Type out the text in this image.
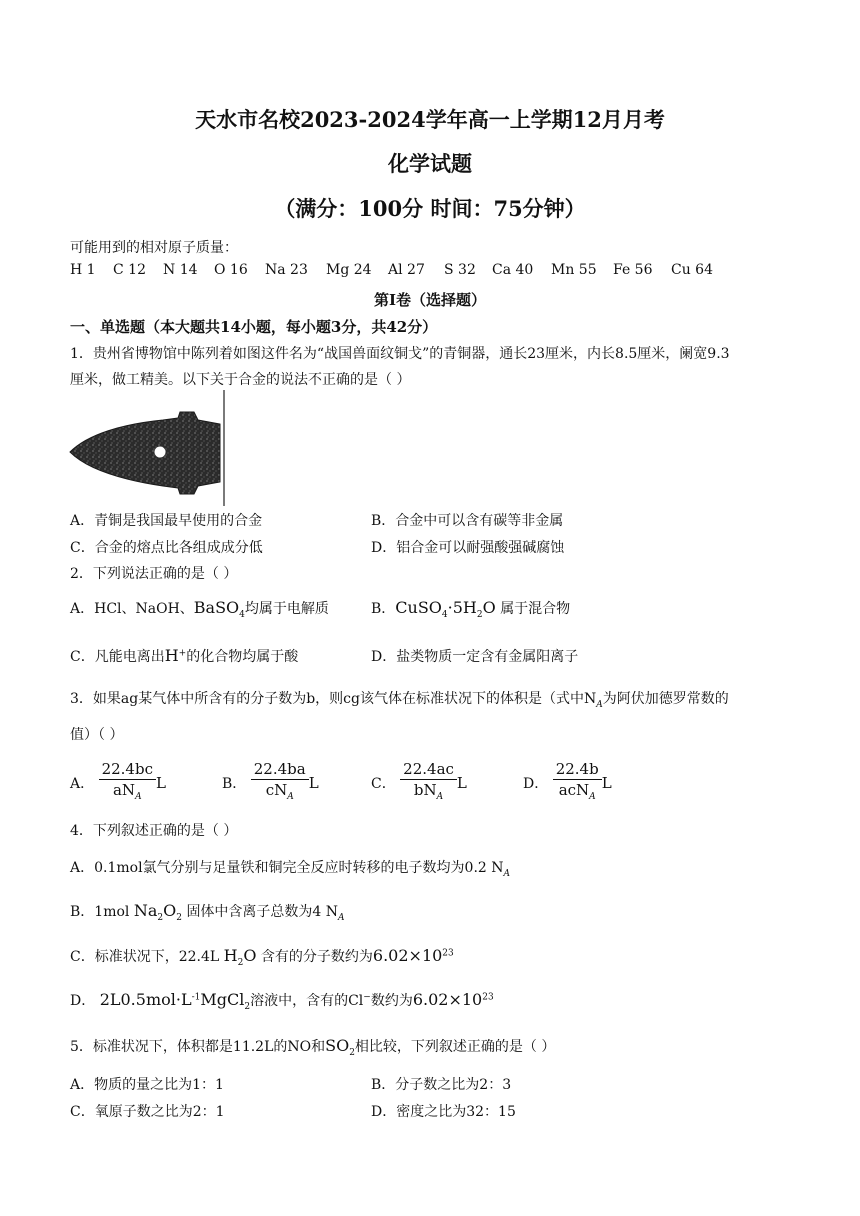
天水市名校2023-2024学年高一上学期12月月考
化学试题
（满分：100分 时间：75分钟）
可能用到的相对原子质量：
H 1 C 12 N 14 O 16 Na 23 Mg 24 Al 27 S 32 Ca 40 Mn 55 Fe 56 Cu 64
第Ⅰ卷（选择题）
一、单选题（本大题共14小题，每小题3分，共42分）
1．贵州省博物馆中陈列着如图这件名为“战国兽面纹铜戈”的青铜器，通长23厘米，内长8.5厘米，阑宽9.3
厘米，做工精美。以下关于合金的说法不正确的是（ ）
A．青铜是我国最早使用的合金	B．合金中可以含有碳等非金属
C．合金的熔点比各组成成分低	D．铝合金可以耐强酸强碱腐蚀
2．下列说法正确的是（ ）
A．HCl、NaOH、BaSO$_4$均属于电解质	B．$CuSO_4\cdot 5H_2O$ 属于混合物
C．凡能电离出H+的化合物均属于酸	D．盐类物质一定含有金属阳离子
3．如果ag某气体中所含有的分子数为b，则cg该气体在标准状况下的体积是（式中$N_A$为阿伏加德罗常数的
值）（ ）
A． $\frac{22.4bc}{aN_A}$ L	B． $\frac{22.4ba}{cN_A}$ L	C． $\frac{22.4ac}{bN_A}$ L	D． $\frac{22.4b}{acN_A}$ L
4．下列叙述正确的是（ ）
A．0.1mol氯气分别与足量铁和铜完全反应时转移的电子数均为0.2 $N_A$
B．1mol $Na_2O_2$ 固体中含离子总数为4 $N_A$
C．标准状况下，22.4L $H_2O$ 含有的分子数约为$6.02\times 10^{23}$
D． $2L0.5mol\cdot L^{-1}MgCl_2$溶液中，含有的Cl−数约为$6.02\times 10^{23}$
5．标准状况下，体积都是11.2L的NO和$SO_2$相比较，下列叙述正确的是（ ）
A．物质的量之比为1：1	B．分子数之比为2：3
C．氧原子数之比为2：1	D．密度之比为32：15
